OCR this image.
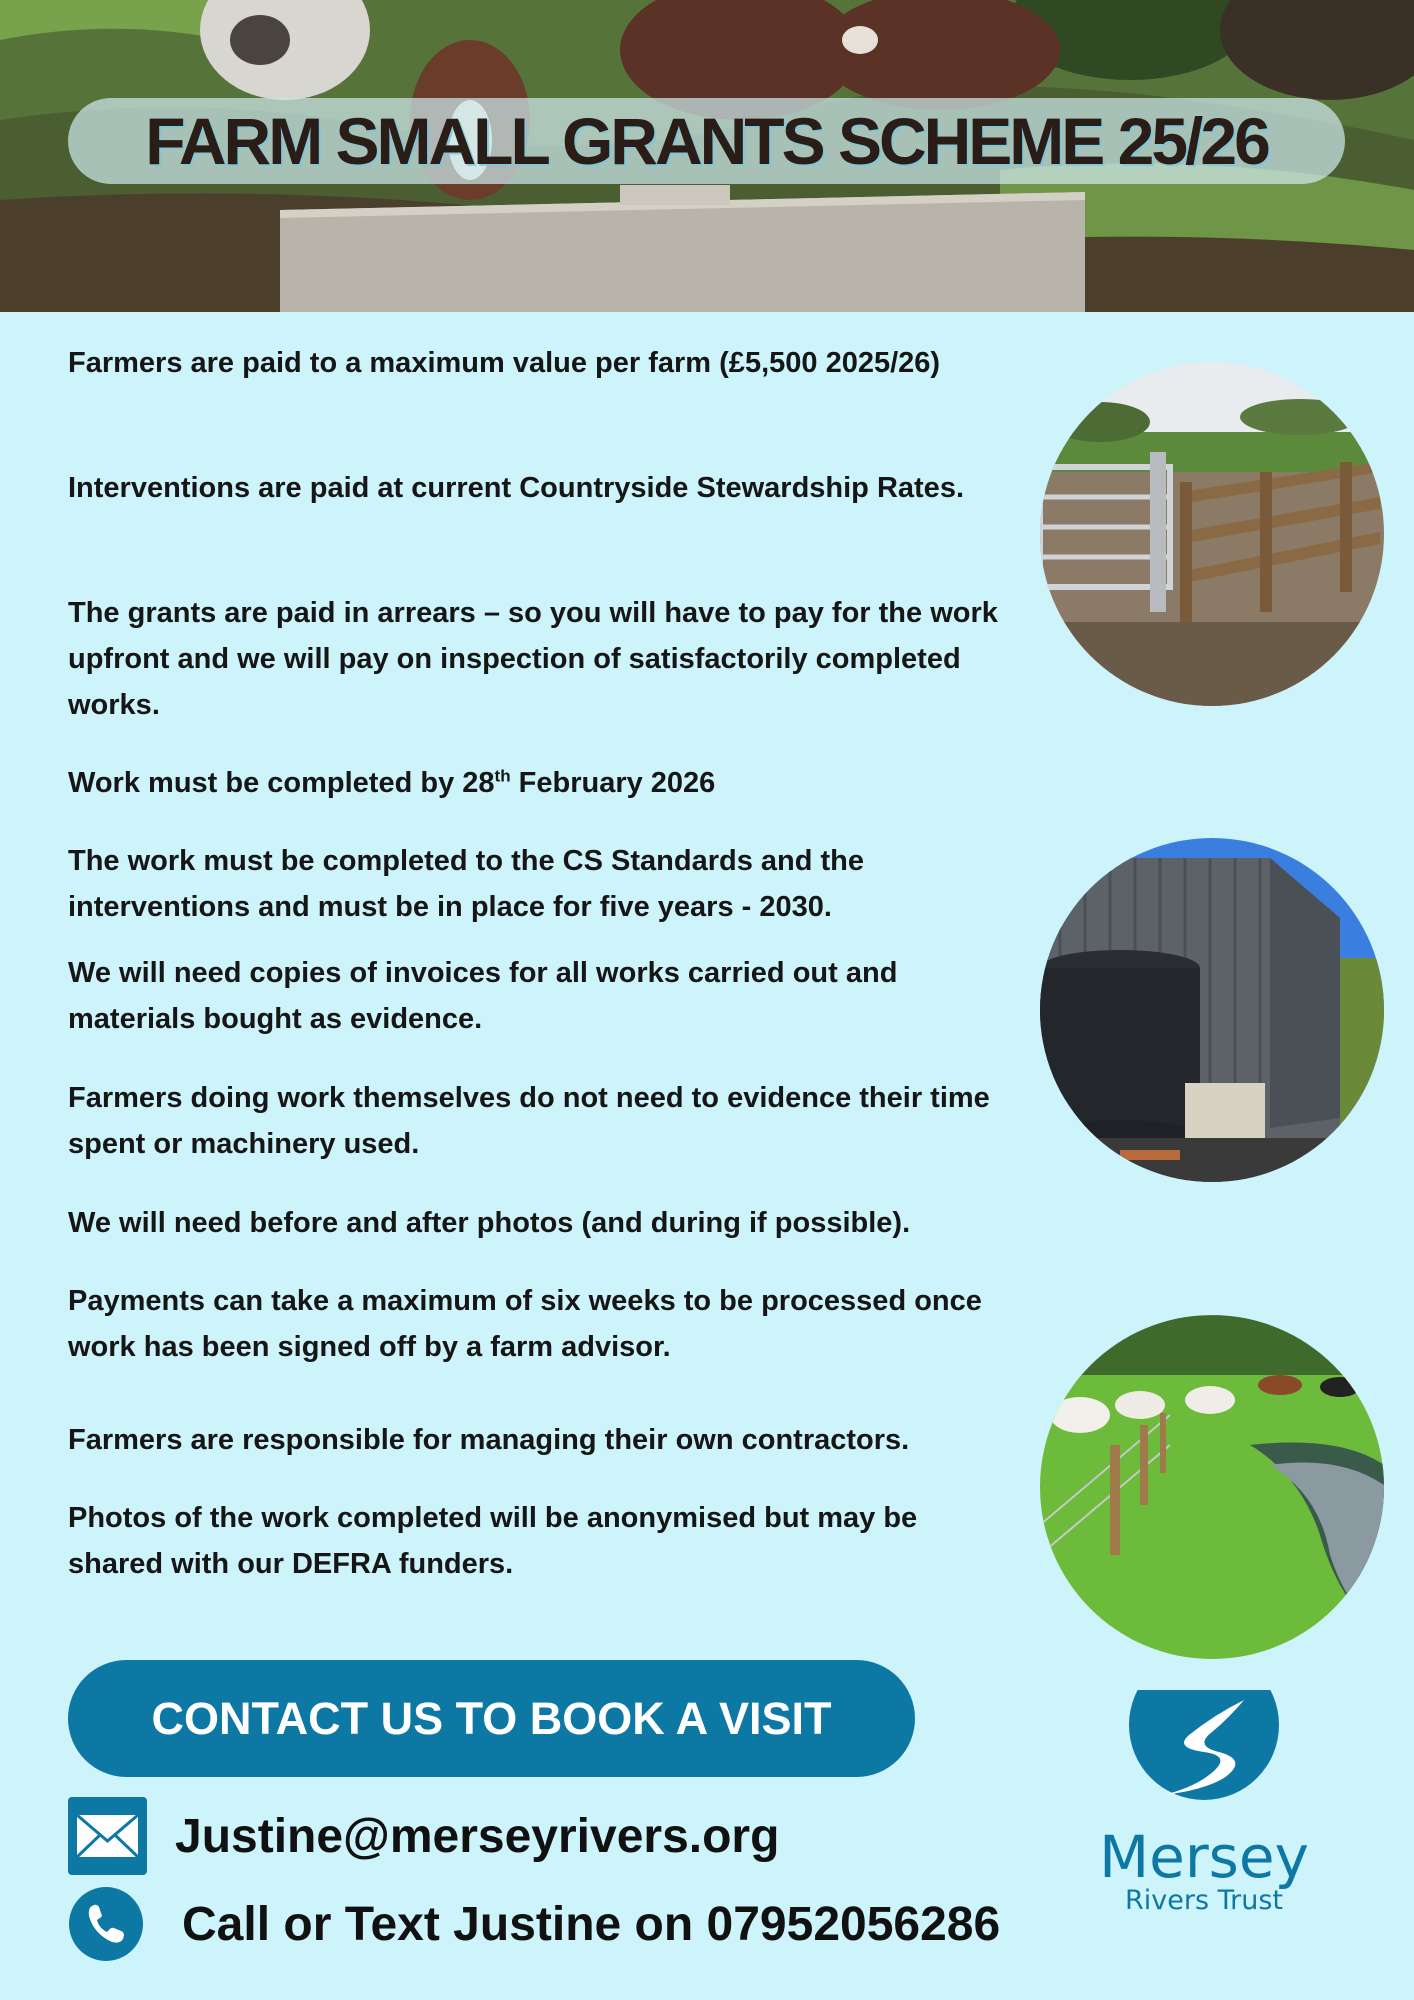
FARM SMALL GRANTS SCHEME 25/26

Farmers are paid to a maximum value per farm (£5,500 2025/26)

Interventions are paid at current Countryside Stewardship Rates.

The grants are paid in arrears – so you will have to pay for the work upfront and we will pay on inspection of satisfactorily completed works.

Work must be completed by 28th February 2026

The work must be completed to the CS Standards and the interventions and must be in place for five years - 2030.

We will need copies of invoices for all works carried out and materials bought as evidence.

Farmers doing work themselves do not need to evidence their time spent or machinery used.

We will need before and after photos (and during if possible).

Payments can take a maximum of six weeks to be processed once work has been signed off by a farm advisor.

Farmers are responsible for managing their own contractors.

Photos of the work completed will be anonymised but may be shared with our DEFRA funders.

CONTACT US TO BOOK A VISIT
Justine@merseyrivers.org
Call or Text Justine on 07952056286
Mersey
Rivers Trust
